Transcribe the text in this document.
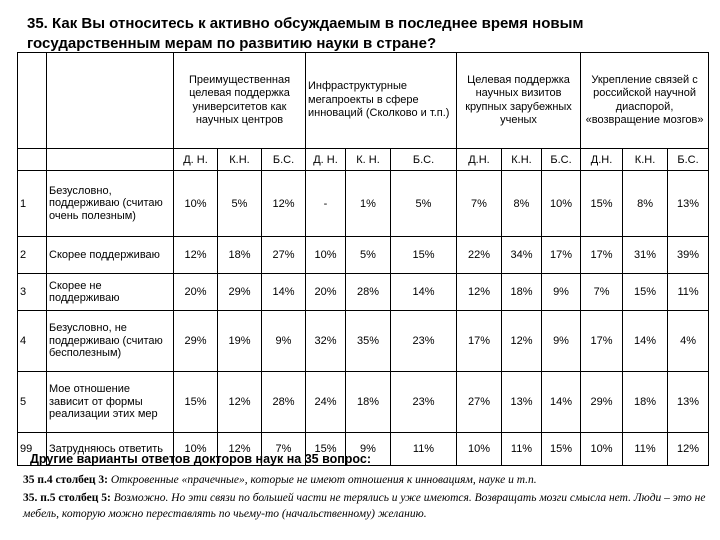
35. Как Вы относитесь к активно обсуждаемым в последнее время новым государственным мерам по развитию науки в стране?
		Преимущественная целевая поддержка университетов как научных центров			Инфраструктурные мегапроекты в сфере инноваций (Сколково и т.п.)			Целевая поддержка научных визитов крупных зарубежных ученых			Укрепление связей с российской научной диаспорой, «возвращение мозгов»		
		Д. Н.	К.Н.	Б.С.	Д. Н.	К. Н.	Б.С.	Д.Н.	К.Н.	Б.С.	Д.Н.	К.Н.	Б.С.
1	Безусловно, поддерживаю (считаю очень полезным)	10%	5%	12%	-	1%	5%	7%	8%	10%	15%	8%	13%
2	Скорее поддерживаю	12%	18%	27%	10%	5%	15%	22%	34%	17%	17%	31%	39%
3	Скорее не поддерживаю	20%	29%	14%	20%	28%	14%	12%	18%	9%	7%	15%	11%
4	Безусловно, не поддерживаю (считаю бесполезным)	29%	19%	9%	32%	35%	23%	17%	12%	9%	17%	14%	4%
5	Мое отношение зависит от формы реализации этих мер	15%	12%	28%	24%	18%	23%	27%	13%	14%	29%	18%	13%
99	Затрудняюсь ответить	10%	12%	7%	15%	9%	11%	10%	11%	15%	10%	11%	12%
Другие варианты ответов докторов наук на 35 вопрос:
35 п.4 столбец 3: Откровенные «прачечные», которые не имеют отношения к инновациям, науке и т.п.
35. п.5 столбец 5: Возможно. Но эти связи по большей части не терялись и уже имеются. Возвращать мозги смысла нет. Люди – это не мебель, которую можно переставлять по чьему-то (начальственному) желанию.
